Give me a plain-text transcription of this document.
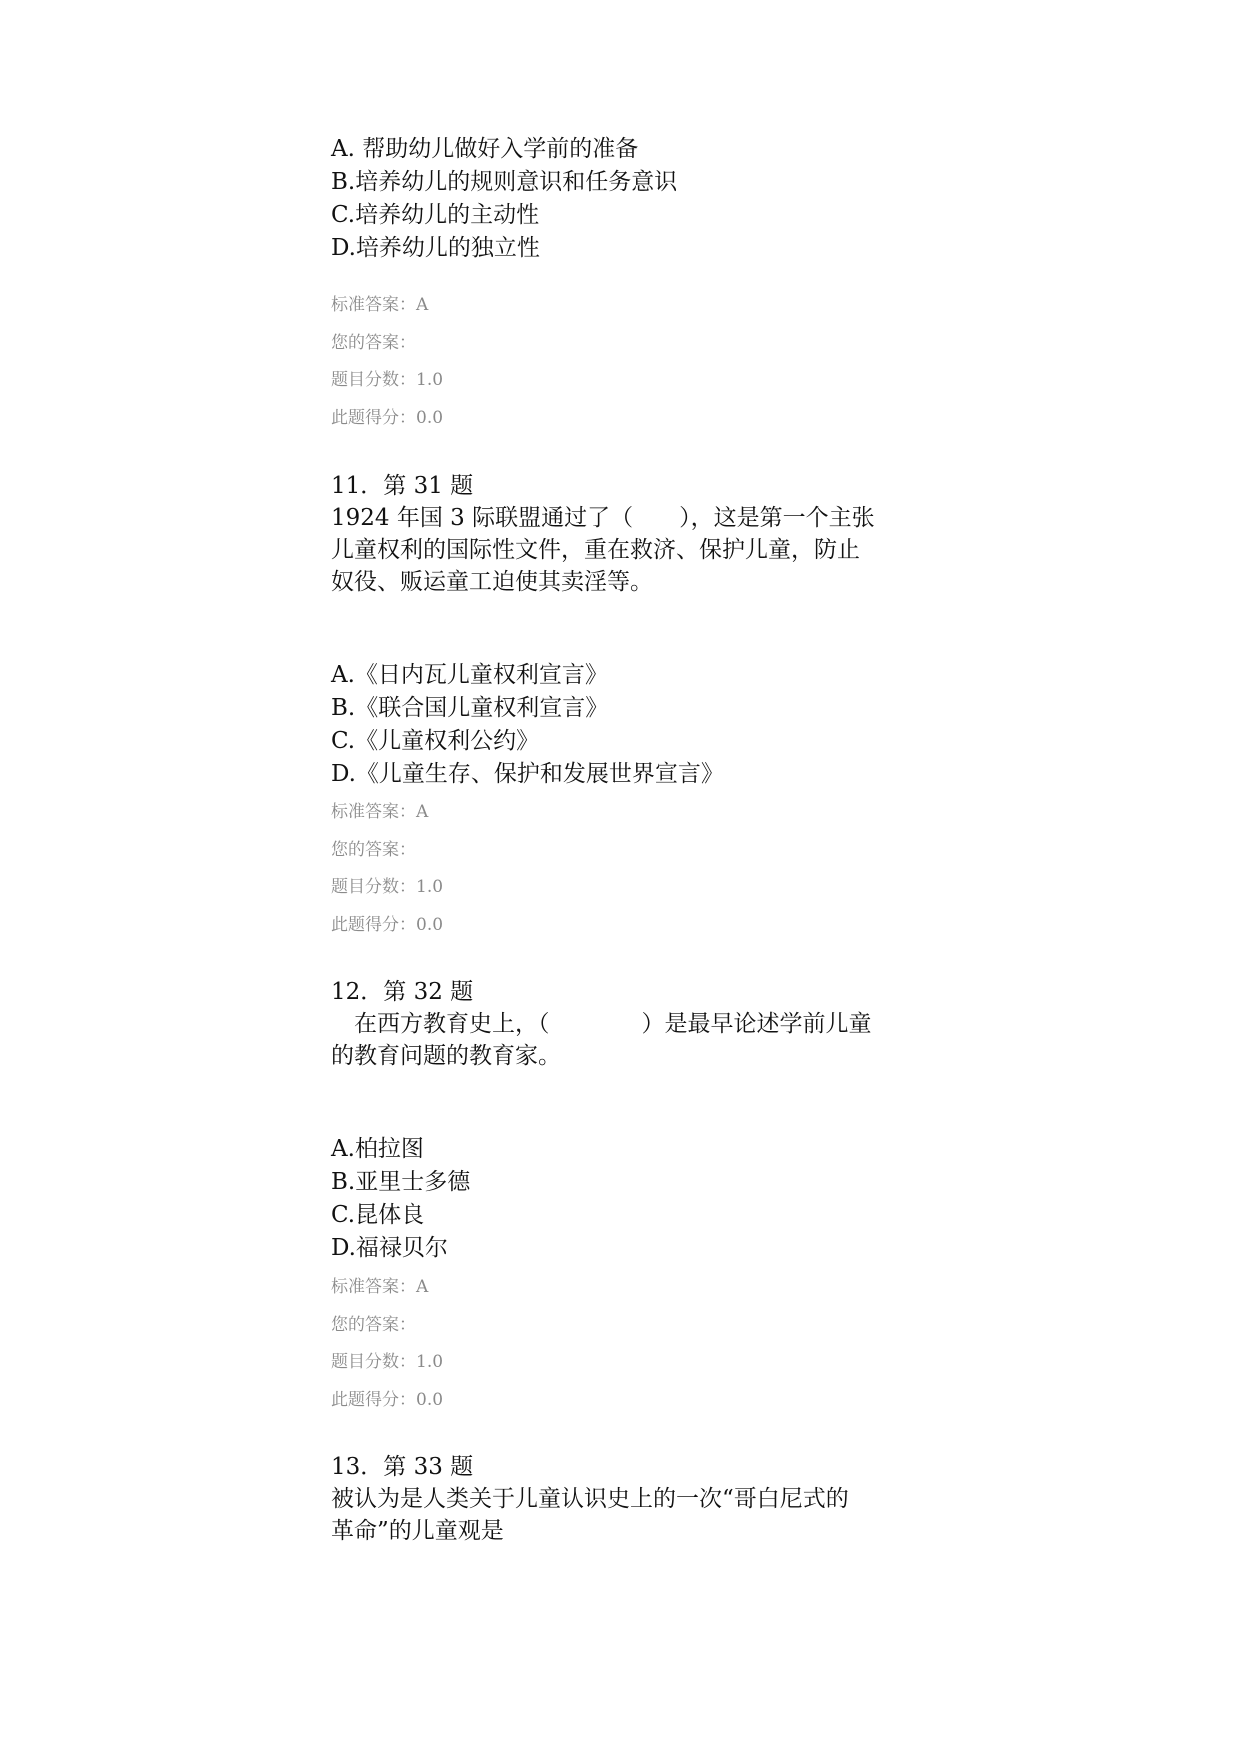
A. 帮助幼儿做好入学前的准备
B.培养幼儿的规则意识和任务意识
C.培养幼儿的主动性
D.培养幼儿的独立性
标准答案：A
您的答案：
题目分数：1.0
此题得分：0.0
11．第 31 题
1924 年国 3 际联盟通过了（　　），这是第一个主张
儿童权利的国际性文件，重在救济、保护儿童，防止
奴役、贩运童工迫使其卖淫等。
A.《日内瓦儿童权利宣言》
B.《联合国儿童权利宣言》
C.《儿童权利公约》
D.《儿童生存、保护和发展世界宣言》
标准答案：A
您的答案：
题目分数：1.0
此题得分：0.0
12．第 32 题
　在西方教育史上，（　　　　）是最早论述学前儿童
的教育问题的教育家。
A.柏拉图
B.亚里士多德
C.昆体良
D.福禄贝尔
标准答案：A
您的答案：
题目分数：1.0
此题得分：0.0
13．第 33 题
被认为是人类关于儿童认识史上的一次“哥白尼式的
革命”的儿童观是
